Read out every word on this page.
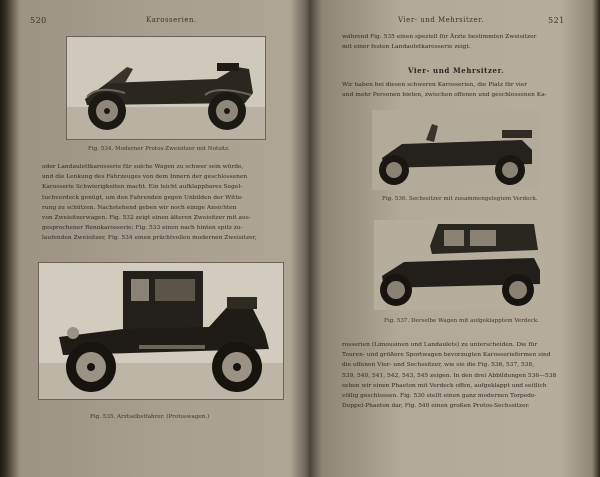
520	Karosserien.
Fig. 534. Moderner Protos-Zweisitzer mit Notsitz.
oder Landaulettkarosserie für solche Wagen zu schwer sein würde,
und die Lenkung des Fahrzeuges von dem Innern der geschlossenen
Karosserie Schwierigkeiten macht. Ein leicht aufklappbares Segel-
tuchverdeck genügt, um den Fahrenden gegen Unbilden der Witte-
rung zu schützen. Nachstehend geben wir noch einige Ansichten
von Zweisitzerwagen. Fig. 532 zeigt einen älteren Zweisitzer mit aus-
gesprochener Rennkarosserie; Fig. 533 einen nach hinten spitz zu-
laufenden Zweisitzer, Fig. 534 einen prächtvollen modernen Zweisitzer,
Fig. 535. Arztselbstfahrer. (Protoswagen.)
Vier- und Mehrsitzer.	521
während Fig. 535 einen speziell für Ärzte bestimmten Zweisitzer
mit einer festen Landauletkarosserie zeigt.
Vier- und Mehrsitzer.
Wir haben bei diesen schweren Karosserien, die Platz für vier
und mehr Personen bieten, zwischen offenen und geschlossenen Ka-
Fig. 536. Sechssitzer mit zusammengelegtem Verdeck.
Fig. 537. Derselbe Wagen mit aufgeklapptem Verdeck.
rosserien (Limousinen und Landaulets) zu unterscheiden. Die für
Touren- und größere Sportwagen bevorzugten Karosserieformen sind
die offenen Vier- und Sechssitzer, wie sie die Fig. 536, 537, 538,
539, 540, 541, 542, 543, 545 zeigen. In den drei Abbildungen 536—538
sehen wir einen Phaeton mit Verdeck offen, aufgeklappt und seitlich
völlig geschlossen. Fig. 530 stellt einen ganz modernen Torpedo-
Doppel-Phaeton dar, Fig. 540 einen großen Protos-Sechssitzer.
